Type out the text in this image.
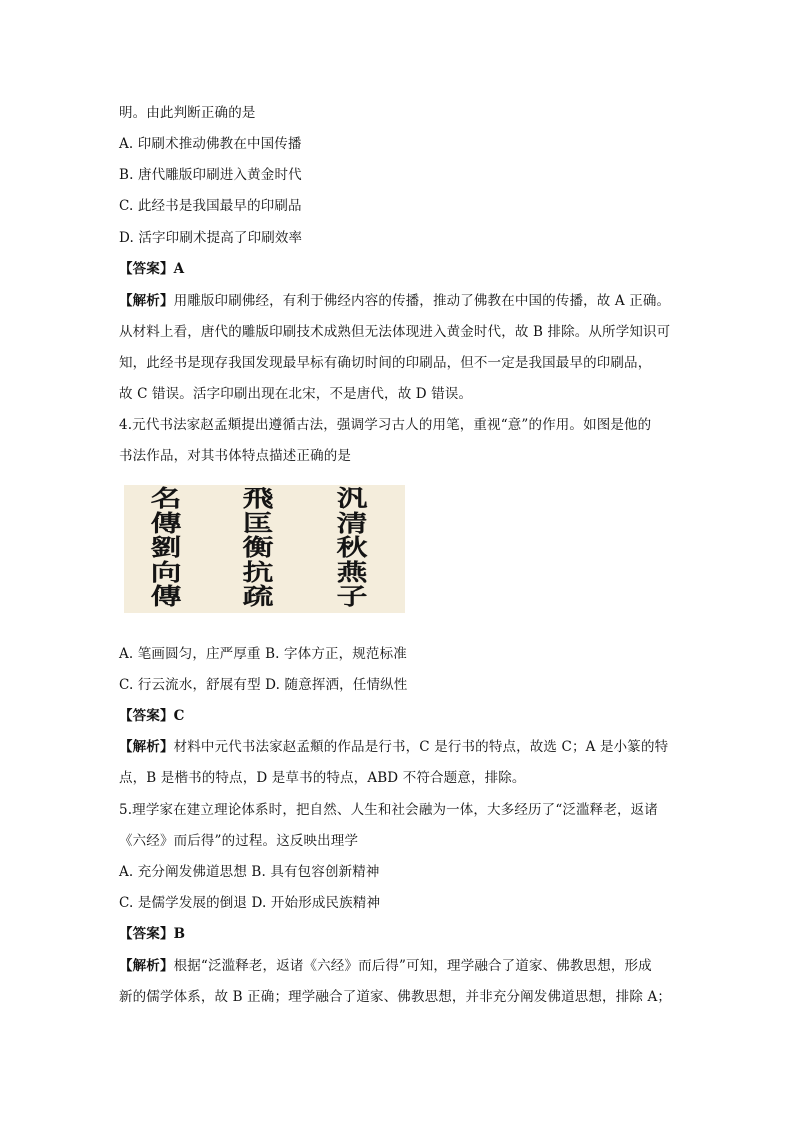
明。由此判断正确的是
A. 印刷术推动佛教在中国传播
B. 唐代雕版印刷进入黄金时代
C. 此经书是我国最早的印刷品
D. 活字印刷术提高了印刷效率
【答案】A
【解析】用雕版印刷佛经，有利于佛经内容的传播，推动了佛教在中国的传播，故 A 正确。
从材料上看，唐代的雕版印刷技术成熟但无法体现进入黄金时代，故 B 排除。从所学知识可
知，此经书是现存我国发现最早标有确切时间的印刷品，但不一定是我国最早的印刷品，
故 C 错误。活字印刷出现在北宋，不是唐代，故 D 错误。
4.元代书法家赵孟頫提出遵循古法，强调学习古人的用笔，重视“意”的作用。如图是他的
书法作品，对其书体特点描述正确的是
名
傳
劉
向
傳
飛
匡
衡
抗
疏
汎
清
秋
燕
子
A. 笔画圆匀，庄严厚重 B. 字体方正，规范标准
C. 行云流水，舒展有型 D. 随意挥洒，任情纵性
【答案】C
【解析】材料中元代书法家赵孟頫的作品是行书，C 是行书的特点，故选 C；A 是小篆的特
点，B 是楷书的特点，D 是草书的特点，ABD 不符合题意，排除。
5.理学家在建立理论体系时，把自然、人生和社会融为一体，大多经历了“泛滥释老，返诸
《六经》而后得”的过程。这反映出理学
A. 充分阐发佛道思想 B. 具有包容创新精神
C. 是儒学发展的倒退 D. 开始形成民族精神
【答案】B
【解析】根据“泛滥释老，返诸《六经》而后得”可知，理学融合了道家、佛教思想，形成
新的儒学体系，故 B 正确；理学融合了道家、佛教思想，并非充分阐发佛道思想，排除 A；
